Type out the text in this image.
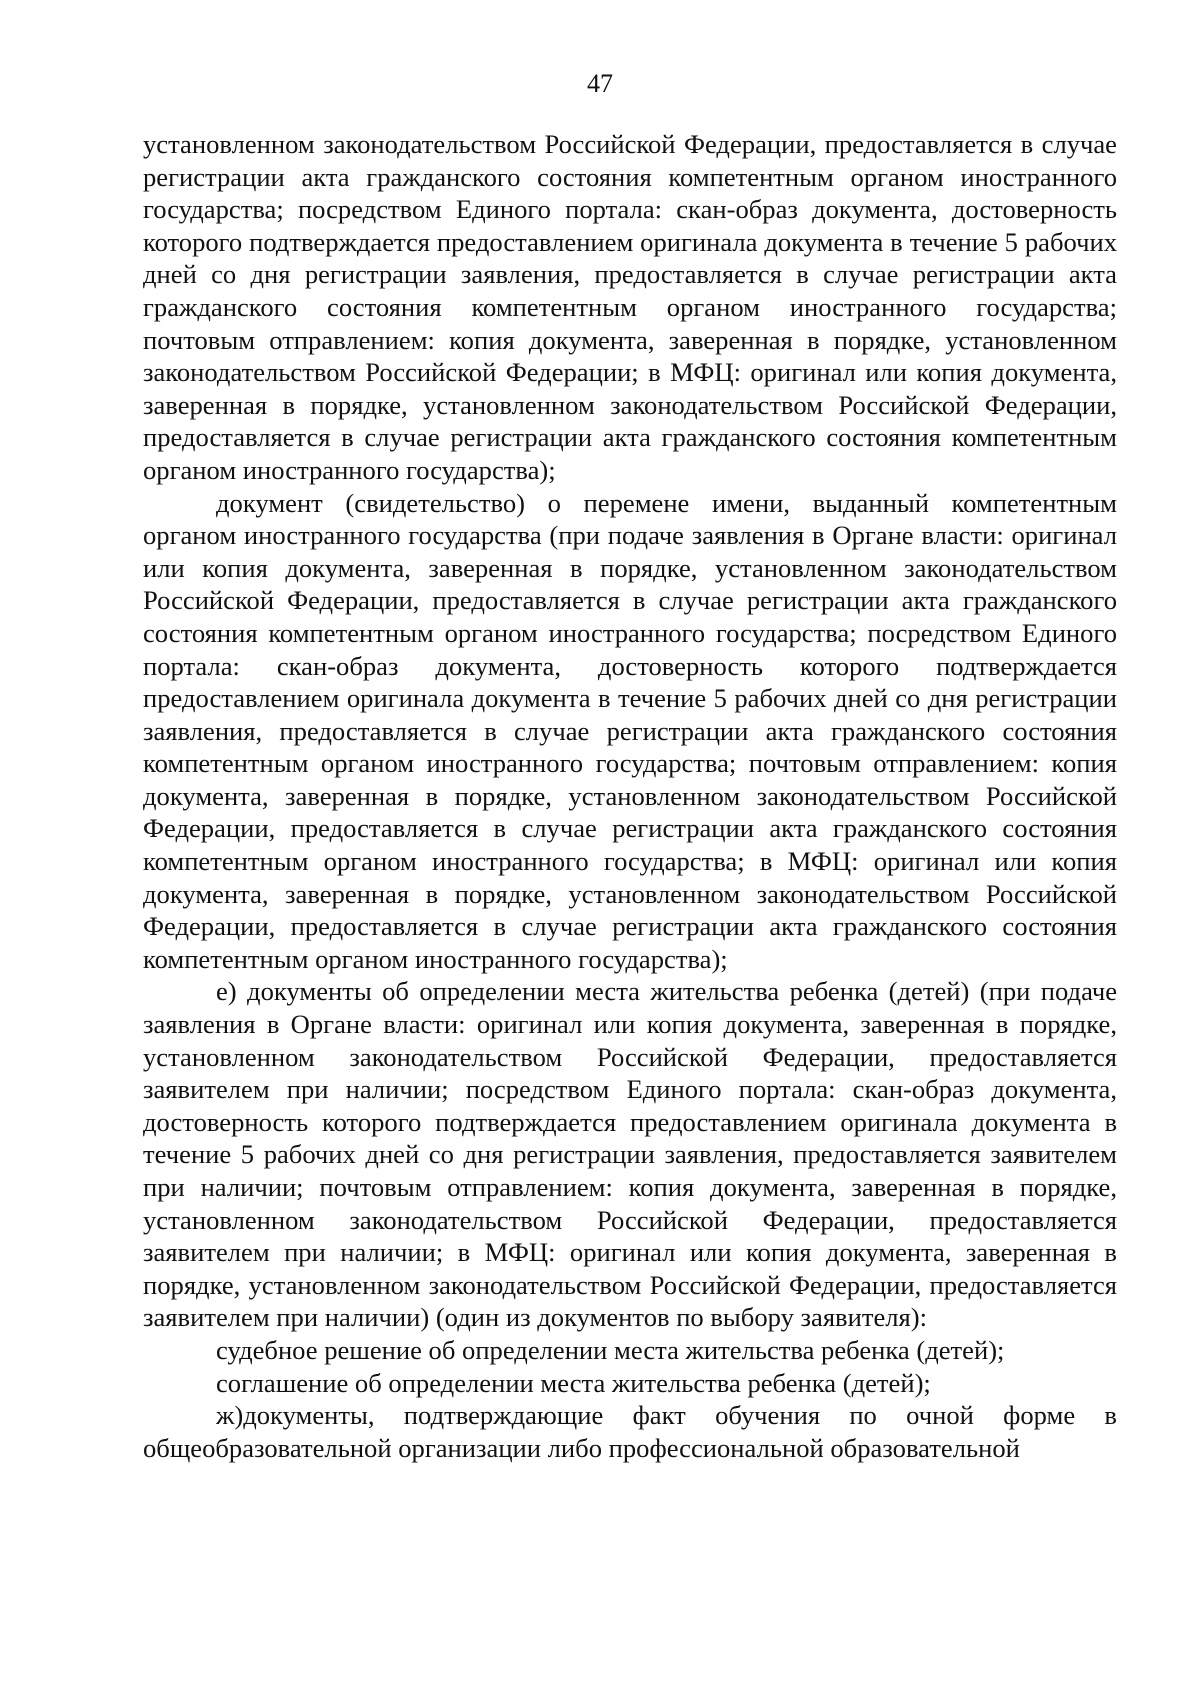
47

установленном законодательством Российской Федерации, предоставляется в случае регистрации акта гражданского состояния компетентным органом иностранного государства; посредством Единого портала: скан-образ документа, достоверность которого подтверждается предоставлением оригинала документа в течение 5 рабочих дней со дня регистрации заявления, предоставляется в случае регистрации акта гражданского состояния компетентным органом иностранного государства; почтовым отправлением: копия документа, заверенная в порядке, установленном законодательством Российской Федерации; в МФЦ: оригинал или копия документа, заверенная в порядке, установленном законодательством Российской Федерации, предоставляется в случае регистрации акта гражданского состояния компетентным органом иностранного государства);

документ (свидетельство) о перемене имени, выданный компетентным органом иностранного государства (при подаче заявления в Органе власти: оригинал или копия документа, заверенная в порядке, установленном законодательством Российской Федерации, предоставляется в случае регистрации акта гражданского состояния компетентным органом иностранного государства; посредством Единого портала: скан-образ документа, достоверность которого подтверждается предоставлением оригинала документа в течение 5 рабочих дней со дня регистрации заявления, предоставляется в случае регистрации акта гражданского состояния компетентным органом иностранного государства; почтовым отправлением: копия документа, заверенная в порядке, установленном законодательством Российской Федерации, предоставляется в случае регистрации акта гражданского состояния компетентным органом иностранного государства; в МФЦ: оригинал или копия документа, заверенная в порядке, установленном законодательством Российской Федерации, предоставляется в случае регистрации акта гражданского состояния компетентным органом иностранного государства);

е) документы об определении места жительства ребенка (детей) (при подаче заявления в Органе власти: оригинал или копия документа, заверенная в порядке, установленном законодательством Российской Федерации, предоставляется заявителем при наличии; посредством Единого портала: скан-образ документа, достоверность которого подтверждается предоставлением оригинала документа в течение 5 рабочих дней со дня регистрации заявления, предоставляется заявителем при наличии; почтовым отправлением: копия документа, заверенная в порядке, установленном законодательством Российской Федерации, предоставляется заявителем при наличии; в МФЦ: оригинал или копия документа, заверенная в порядке, установленном законодательством Российской Федерации, предоставляется заявителем при наличии) (один из документов по выбору заявителя):

судебное решение об определении места жительства ребенка (детей);

соглашение об определении места жительства ребенка (детей);

ж)документы, подтверждающие факт обучения по очной форме в общеобразовательной организации либо профессиональной образовательной
